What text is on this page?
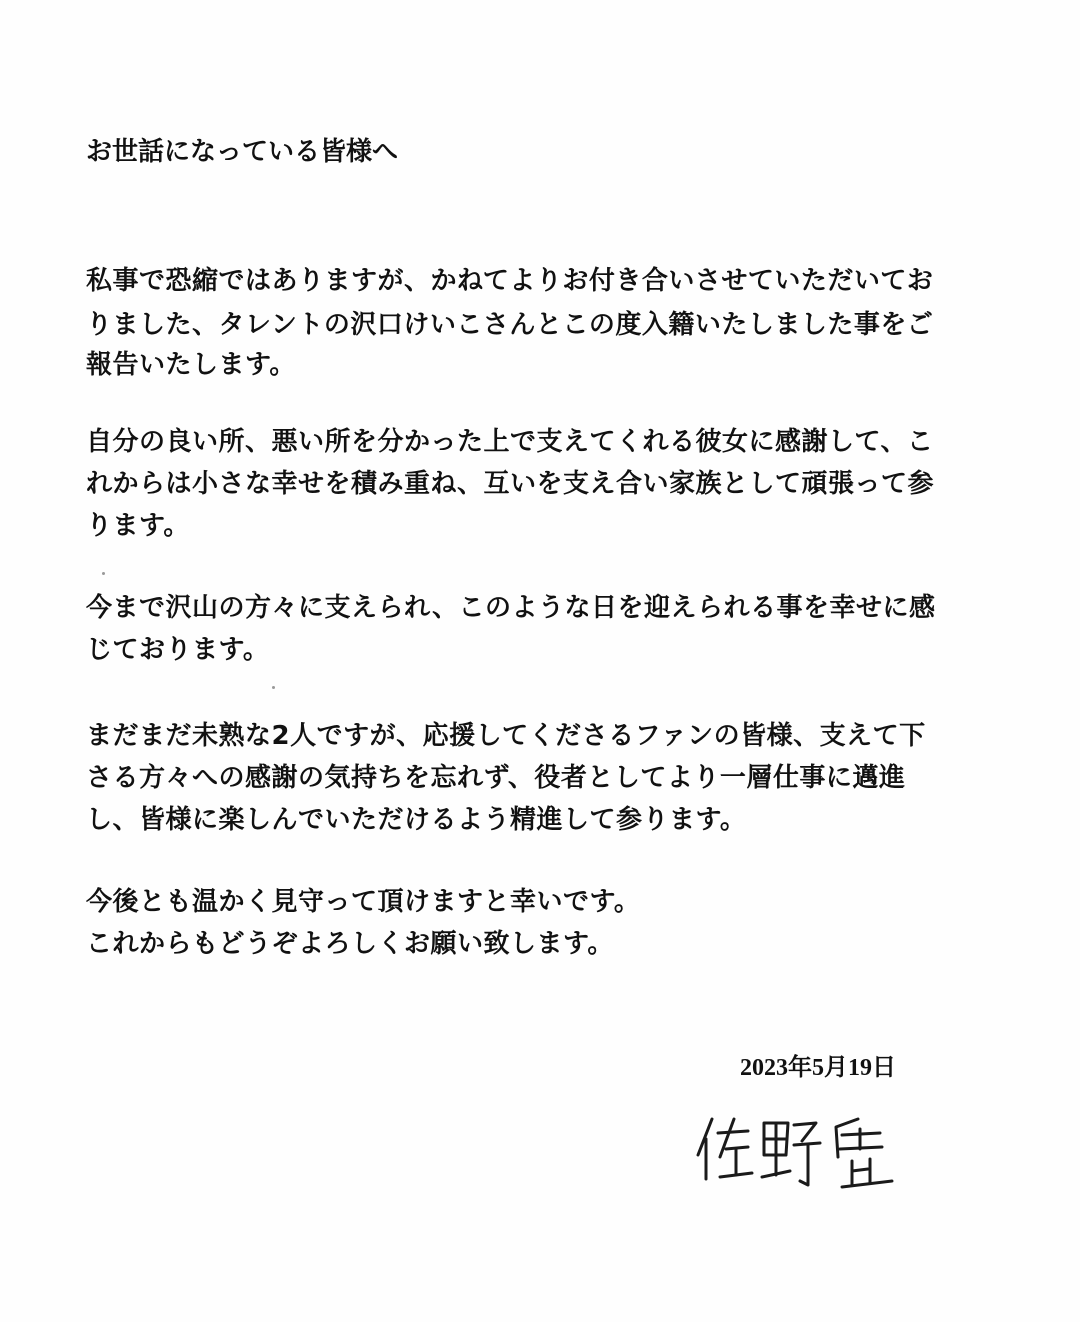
お世話になっている皆様へ
私事で恐縮ではありますが、かねてよりお付き合いさせていただいてお
りました、タレントの沢口けいこさんとこの度入籍いたしました事をご
報告いたします。
自分の良い所、悪い所を分かった上で支えてくれる彼女に感謝して、こ
れからは小さな幸せを積み重ね、互いを支え合い家族として頑張って参
ります。
今まで沢山の方々に支えられ、このような日を迎えられる事を幸せに感
じております。
まだまだ未熟な2人ですが、応援してくださるファンの皆様、支えて下
さる方々への感謝の気持ちを忘れず、役者としてより一層仕事に邁進
し、皆様に楽しんでいただけるよう精進して参ります。
今後とも温かく見守って頂けますと幸いです。
これからもどうぞよろしくお願い致します。
2023年5月19日
